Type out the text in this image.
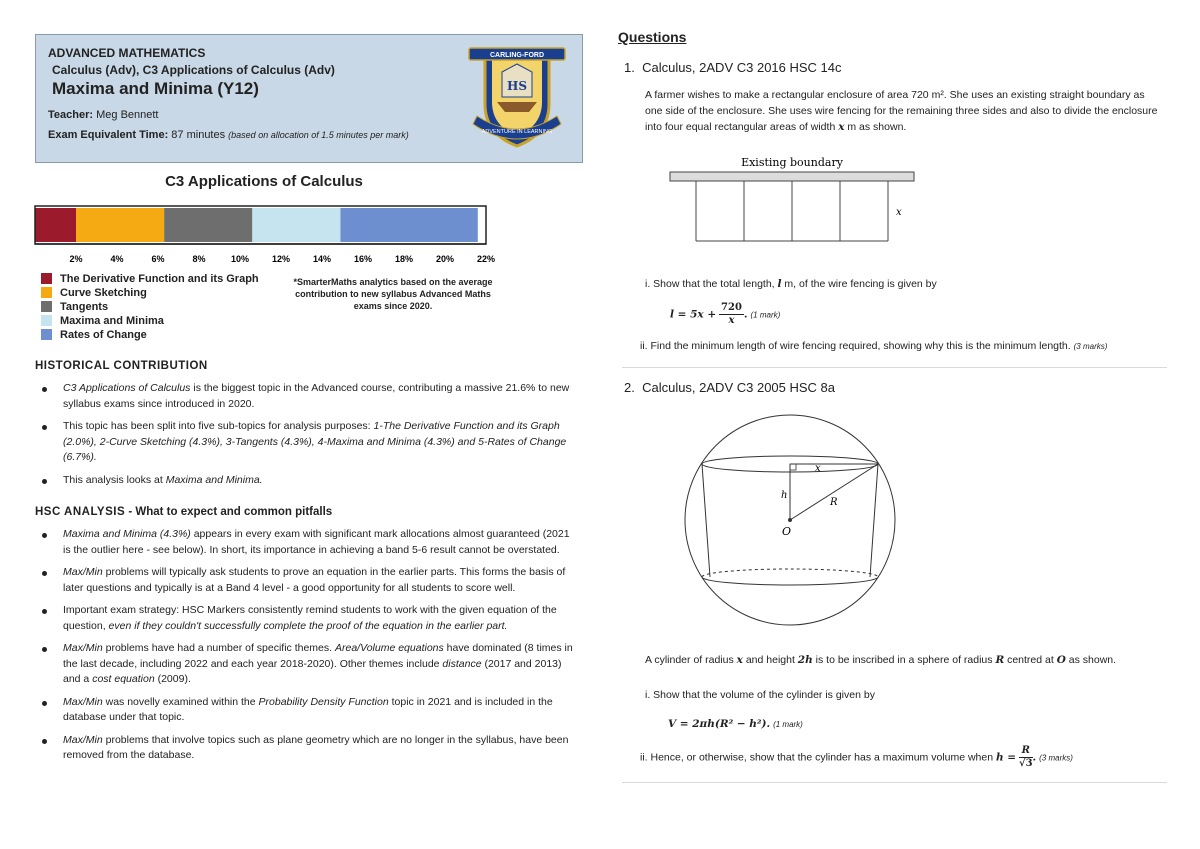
ADVANCED MATHEMATICS
Calculus (Adv), C3 Applications of Calculus (Adv)
Maxima and Minima (Y12)
Teacher: Meg Bennett
Exam Equivalent Time: 87 minutes (based on allocation of 1.5 minutes per mark)
CARLING-FORD
HS
ADVENTURE IN LEARNING
C3 Applications of Calculus
2%	4%	6%	8%	10%	12%	14%	16%	18%	20%	22%
The Derivative Function and its Graph
Curve Sketching
Tangents
Maxima and Minima
Rates of Change
*SmarterMaths analytics based on the average contribution to new syllabus Advanced Maths exams since 2020.
HISTORICAL CONTRIBUTION
C3 Applications of Calculus is the biggest topic in the Advanced course, contributing a massive 21.6% to new syllabus exams since introduced in 2020.
This topic has been split into five sub-topics for analysis purposes: 1-The Derivative Function and its Graph (2.0%), 2-Curve Sketching (4.3%), 3-Tangents (4.3%), 4-Maxima and Minima (4.3%) and 5-Rates of Change (6.7%).
This analysis looks at Maxima and Minima.
HSC ANALYSIS - What to expect and common pitfalls
Maxima and Minima (4.3%) appears in every exam with significant mark allocations almost guaranteed (2021 is the outlier here - see below). In short, its importance in achieving a band 5-6 result cannot be overstated.
Max/Min problems will typically ask students to prove an equation in the earlier parts. This forms the basis of later questions and typically is at a Band 4 level - a good opportunity for all students to score well.
Important exam strategy: HSC Markers consistently remind students to work with the given equation of the question, even if they couldn't successfully complete the proof of the equation in the earlier part.
Max/Min problems have had a number of specific themes. Area/Volume equations have dominated (8 times in the last decade, including 2022 and each year 2018-2020). Other themes include distance (2017 and 2013) and a cost equation (2009).
Max/Min was novelly examined within the Probability Density Function topic in 2021 and is included in the database under that topic.
Max/Min problems that involve topics such as plane geometry which are no longer in the syllabus, have been removed from the database.
Questions
1. Calculus, 2ADV C3 2016 HSC 14c
A farmer wishes to make a rectangular enclosure of area 720 m². She uses an existing straight boundary as one side of the enclosure. She uses wire fencing for the remaining three sides and also to divide the enclosure into four equal rectangular areas of width x m as shown.
Existing boundary
x
i. Show that the total length, l m, of the wire fencing is given by
$l = 5x + \frac{720}{x}$ . (1 mark)
ii. Find the minimum length of wire fencing required, showing why this is the minimum length. (3 marks)
2. Calculus, 2ADV C3 2005 HSC 8a
x
h
R
O
A cylinder of radius x and height 2h is to be inscribed in a sphere of radius R centred at O as shown.
i. Show that the volume of the cylinder is given by
V = 2πh(R² − h²). (1 mark)
ii. Hence, or otherwise, show that the cylinder has a maximum volume when $h = \frac{R}{√3}$ . (3 marks)
